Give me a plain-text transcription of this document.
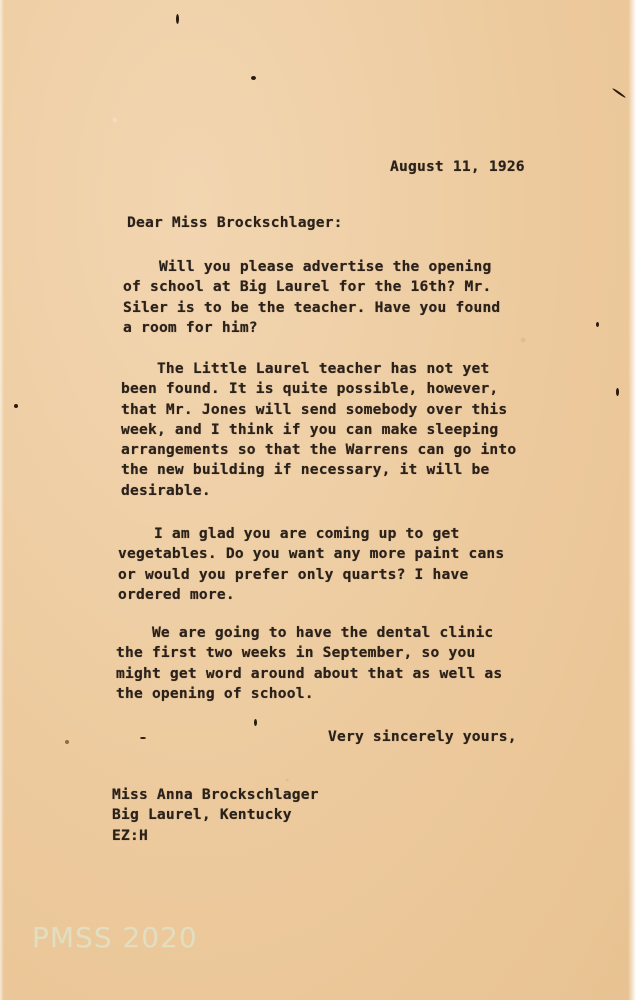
August 11, 1926
Dear Miss Brockschlager:
Will you please advertise the opening
of school at Big Laurel for the 16th? Mr.
Siler is to be the teacher. Have you found
a room for him?
The Little Laurel teacher has not yet
been found. It is quite possible, however,
that Mr. Jones will send somebody over this
week, and I think if you can make sleeping
arrangements so that the Warrens can go into
the new building if necessary, it will be
desirable.
I am glad you are coming up to get
vegetables. Do you want any more paint cans
or would you prefer only quarts? I have
ordered more.
We are going to have the dental clinic
the first two weeks in September, so you
might get word around about that as well as
the opening of school.
Very sincerely yours,
Miss Anna Brockschlager
Big Laurel, Kentucky
EZ:H
PMSS 2020
